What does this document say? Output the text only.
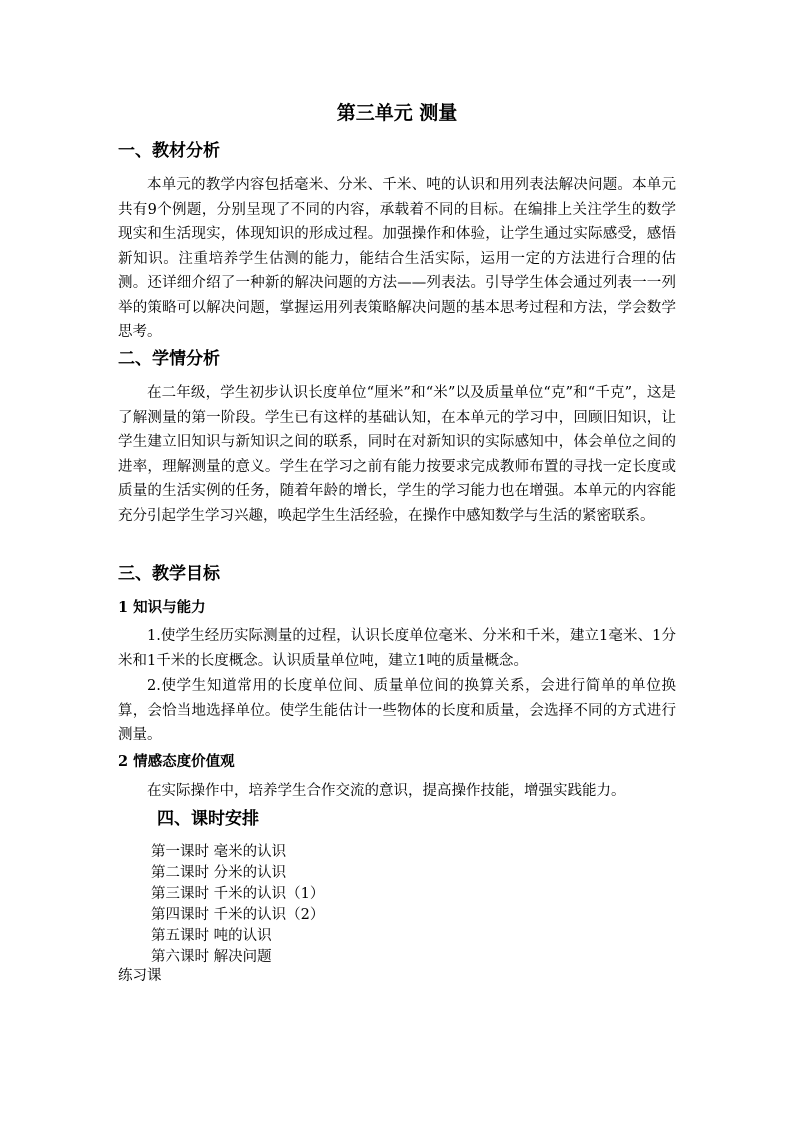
第三单元 测量
一、教材分析
本单元的教学内容包括毫米、分米、千米、吨的认识和用列表法解决问题。本单元共有9个例题，分别呈现了不同的内容，承载着不同的目标。在编排上关注学生的数学现实和生活现实，体现知识的形成过程。加强操作和体验，让学生通过实际感受，感悟新知识。注重培养学生估测的能力，能结合生活实际，运用一定的方法进行合理的估测。还详细介绍了一种新的解决问题的方法——列表法。引导学生体会通过列表一一列举的策略可以解决问题，掌握运用列表策略解决问题的基本思考过程和方法，学会数学思考。
二、学情分析
在二年级，学生初步认识长度单位“厘米”和“米”以及质量单位“克”和“千克”，这是了解测量的第一阶段。学生已有这样的基础认知，在本单元的学习中，回顾旧知识，让学生建立旧知识与新知识之间的联系，同时在对新知识的实际感知中，体会单位之间的进率，理解测量的意义。学生在学习之前有能力按要求完成教师布置的寻找一定长度或质量的生活实例的任务，随着年龄的增长，学生的学习能力也在增强。本单元的内容能充分引起学生学习兴趣，唤起学生生活经验，在操作中感知数学与生活的紧密联系。
三、教学目标
1 知识与能力
1.使学生经历实际测量的过程，认识长度单位毫米、分米和千米，建立1毫米、1分米和1千米的长度概念。认识质量单位吨，建立1吨的质量概念。
2.使学生知道常用的长度单位间、质量单位间的换算关系，会进行简单的单位换算，会恰当地选择单位。使学生能估计一些物体的长度和质量，会选择不同的方式进行测量。
2 情感态度价值观
在实际操作中，培养学生合作交流的意识，提高操作技能，增强实践能力。
四、课时安排
第一课时 毫米的认识
第二课时 分米的认识
第三课时 千米的认识（1）
第四课时 千米的认识（2）
第五课时 吨的认识
第六课时 解决问题
练习课
